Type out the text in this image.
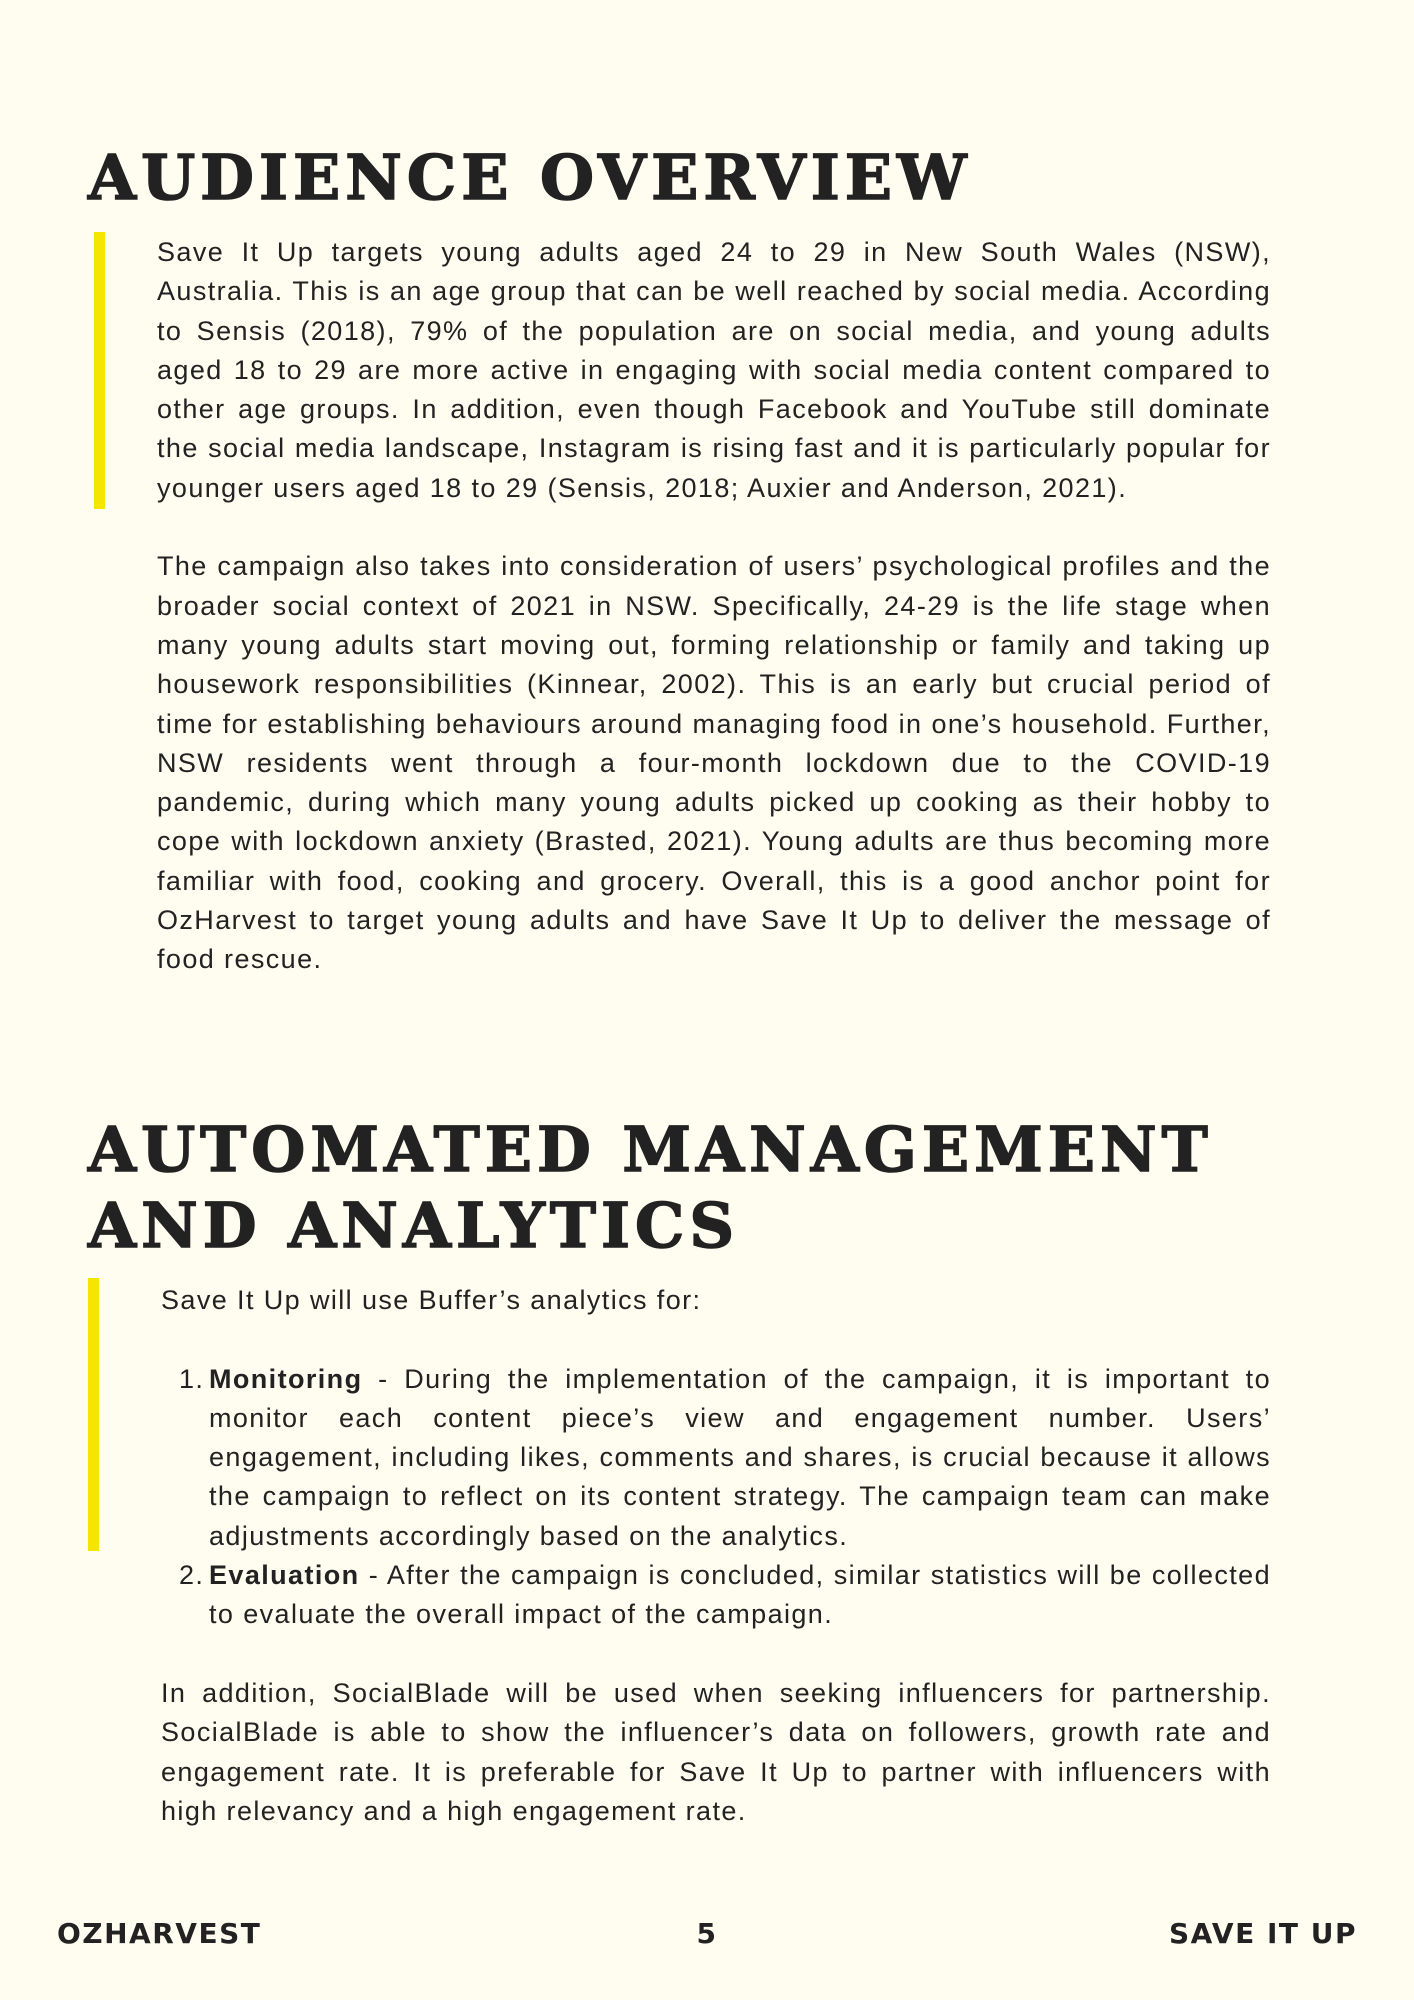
AUDIENCE OVERVIEW

Save It Up targets young adults aged 24 to 29 in New South Wales (NSW), Australia. This is an age group that can be well reached by social media. According to Sensis (2018), 79% of the population are on social media, and young adults aged 18 to 29 are more active in engaging with social media content compared to other age groups. In addition, even though Facebook and YouTube still dominate the social media landscape, Instagram is rising fast and it is particularly popular for younger users aged 18 to 29 (Sensis, 2018; Auxier and Anderson, 2021).

The campaign also takes into consideration of users’ psychological profiles and the broader social context of 2021 in NSW. Specifically, 24-29 is the life stage when many young adults start moving out, forming relationship or family and taking up housework responsibilities (Kinnear, 2002). This is an early but crucial period of time for establishing behaviours around managing food in one’s household. Further, NSW residents went through a four-month lockdown due to the COVID-19 pandemic, during which many young adults picked up cooking as their hobby to cope with lockdown anxiety (Brasted, 2021). Young adults are thus becoming more familiar with food, cooking and grocery. Overall, this is a good anchor point for OzHarvest to target young adults and have Save It Up to deliver the message of food rescue.

AUTOMATED MANAGEMENT
AND ANALYTICS

Save It Up will use Buffer’s analytics for:

1. Monitoring - During the implementation of the campaign, it is important to monitor each content piece’s view and engagement number. Users’ engagement, including likes, comments and shares, is crucial because it allows the campaign to reflect on its content strategy. The campaign team can make adjustments accordingly based on the analytics.
2. Evaluation - After the campaign is concluded, similar statistics will be collected to evaluate the overall impact of the campaign.

In addition, SocialBlade will be used when seeking influencers for partnership. SocialBlade is able to show the influencer’s data on followers, growth rate and engagement rate. It is preferable for Save It Up to partner with influencers with high relevancy and a high engagement rate.

OZHARVEST	5	SAVE IT UP
